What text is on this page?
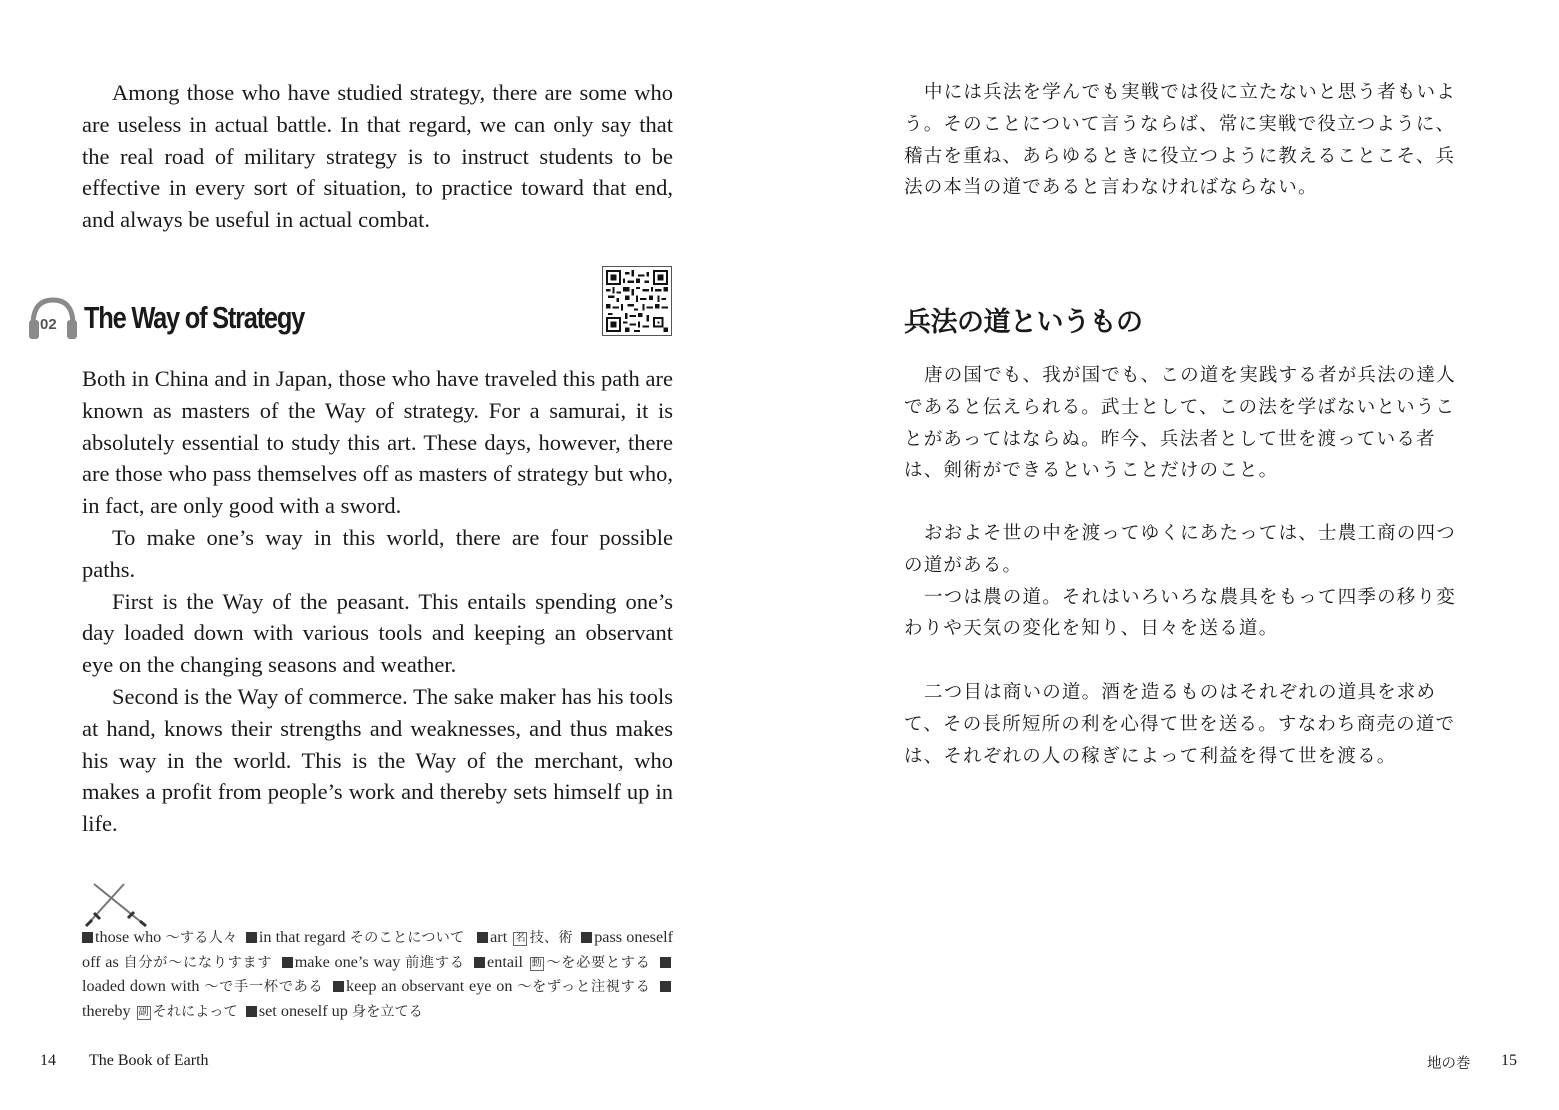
Among those who have studied strategy, there are some who are useless in actual battle. In that regard, we can only say that the real road of military strategy is to instruct students to be effective in every sort of situation, to practice toward that end, and always be useful in actual combat.

02 The Way of Strategy

Both in China and in Japan, those who have traveled this path are known as masters of the Way of strategy. For a samurai, it is absolutely essential to study this art. These days, however, there are those who pass themselves off as masters of strategy but who, in fact, are only good with a sword.

To make one’s way in this world, there are four possible paths.

First is the Way of the peasant. This entails spending one’s day loaded down with various tools and keeping an observant eye on the changing seasons and weather.

Second is the Way of commerce. The sake maker has his tools at hand, knows their strengths and weaknesses, and thus makes his way in the world. This is the Way of the merchant, who makes a profit from people’s work and thereby sets himself up in life.

those who 〜する人々 in that regard そのことについて art 名 技、術 pass oneself off as 自分が〜になりすます make one’s way 前進する entail 動 〜を必要とする  loaded down with 〜で手一杯である keep an observant eye on 〜をずっと注視する  thereby 副 それによって set oneself up 身を立てる
14 The Book of Earth

中には兵法を学んでも実戦では役に立たないと思う者もいよう。そのことについて言うならば、常に実戦で役立つように、稽古を重ね、あらゆるときに役立つように教えることこそ、兵法の本当の道であると言わなければならない。

兵法の道というもの

唐の国でも、我が国でも、この道を実践する者が兵法の達人であると伝えられる。武士として、この法を学ばないということがあってはならぬ。昨今、兵法者として世を渡っている者は、剣術ができるということだけのこと。

おおよそ世の中を渡ってゆくにあたっては、士農工商の四つの道がある。

一つは農の道。それはいろいろな農具をもって四季の移り変わりや天気の変化を知り、日々を送る道。

二つ目は商いの道。酒を造るものはそれぞれの道具を求めて、その長所短所の利を心得て世を送る。すなわち商売の道では、それぞれの人の稼ぎによって利益を得て世を渡る。

地の巻 15
